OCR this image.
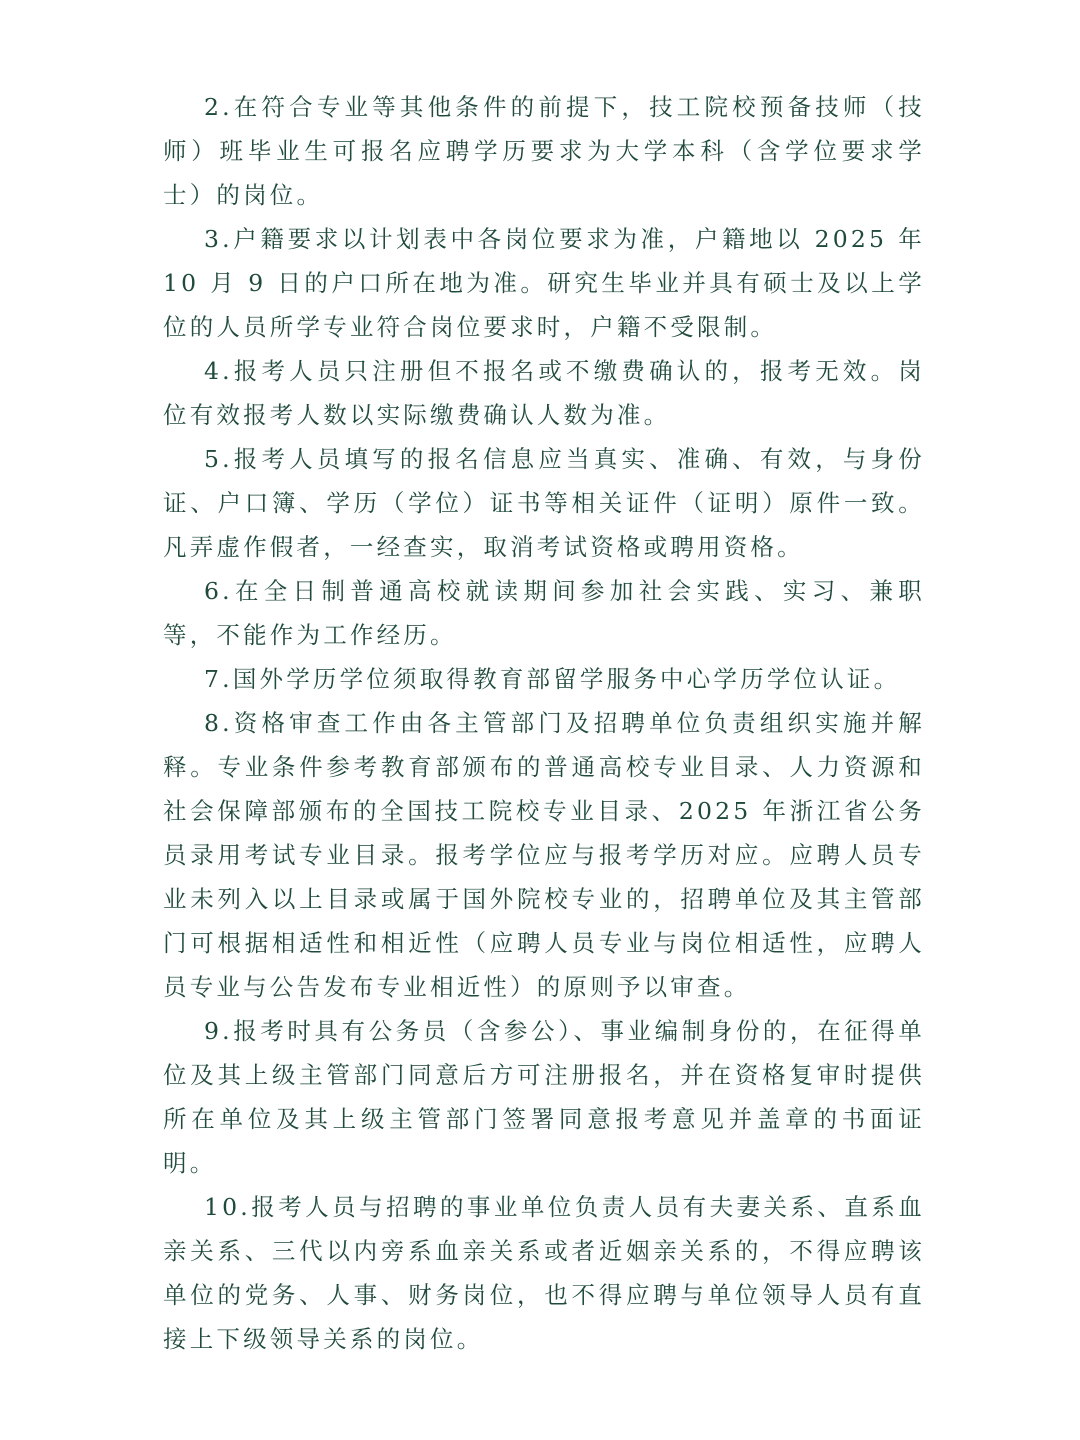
2.在符合专业等其他条件的前提下，技工院校预备技师（技师）班毕业生可报名应聘学历要求为大学本科（含学位要求学士）的岗位。

3.户籍要求以计划表中各岗位要求为准，户籍地以 2025 年 10 月 9 日的户口所在地为准。研究生毕业并具有硕士及以上学位的人员所学专业符合岗位要求时，户籍不受限制。

4.报考人员只注册但不报名或不缴费确认的，报考无效。岗位有效报考人数以实际缴费确认人数为准。

5.报考人员填写的报名信息应当真实、准确、有效，与身份证、户口簿、学历（学位）证书等相关证件（证明）原件一致。凡弄虚作假者，一经查实，取消考试资格或聘用资格。

6.在全日制普通高校就读期间参加社会实践、实习、兼职等，不能作为工作经历。

7.国外学历学位须取得教育部留学服务中心学历学位认证。

8.资格审查工作由各主管部门及招聘单位负责组织实施并解释。专业条件参考教育部颁布的普通高校专业目录、人力资源和社会保障部颁布的全国技工院校专业目录、2025 年浙江省公务员录用考试专业目录。报考学位应与报考学历对应。应聘人员专业未列入以上目录或属于国外院校专业的，招聘单位及其主管部门可根据相适性和相近性（应聘人员专业与岗位相适性，应聘人员专业与公告发布专业相近性）的原则予以审查。

9.报考时具有公务员（含参公）、事业编制身份的，在征得单位及其上级主管部门同意后方可注册报名，并在资格复审时提供所在单位及其上级主管部门签署同意报考意见并盖章的书面证明。

10.报考人员与招聘的事业单位负责人员有夫妻关系、直系血亲关系、三代以内旁系血亲关系或者近姻亲关系的，不得应聘该单位的党务、人事、财务岗位，也不得应聘与单位领导人员有直接上下级领导关系的岗位。
